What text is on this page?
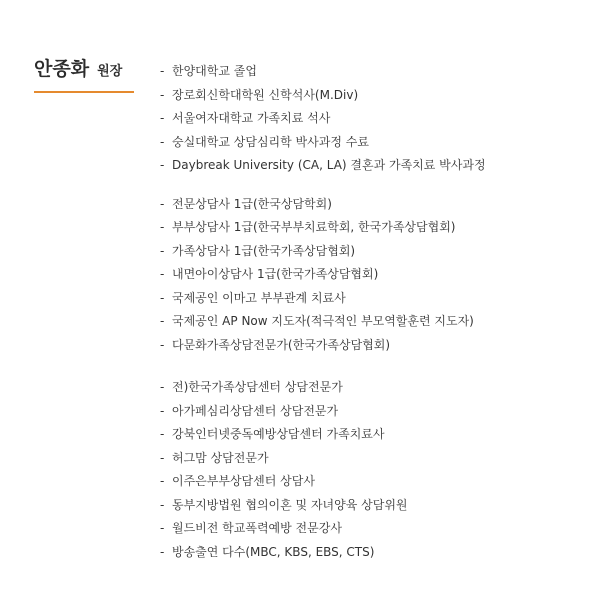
안종화 원장	- 한양대학교 졸업
- 장로회신학대학원 신학석사(M.Div)
- 서울여자대학교 가족치료 석사
- 숭실대학교 상담심리학 박사과정 수료
- Daybreak University (CA, LA) 결혼과 가족치료 박사과정
- 전문상담사 1급(한국상담학회)
- 부부상담사 1급(한국부부치료학회, 한국가족상담협회)
- 가족상담사 1급(한국가족상담협회)
- 내면아이상담사 1급(한국가족상담협회)
- 국제공인 이마고 부부관계 치료사
- 국제공인 AP Now 지도자(적극적인 부모역할훈련 지도자)
- 다문화가족상담전문가(한국가족상담협회)
- 전)한국가족상담센터 상담전문가
- 아가페심리상담센터 상담전문가
- 강북인터넷중독예방상담센터 가족치료사
- 허그맘 상담전문가
- 이주은부부상담센터 상담사
- 동부지방법원 협의이혼 및 자녀양육 상담위원
- 월드비전 학교폭력예방 전문강사
- 방송출연 다수(MBC, KBS, EBS, CTS)
